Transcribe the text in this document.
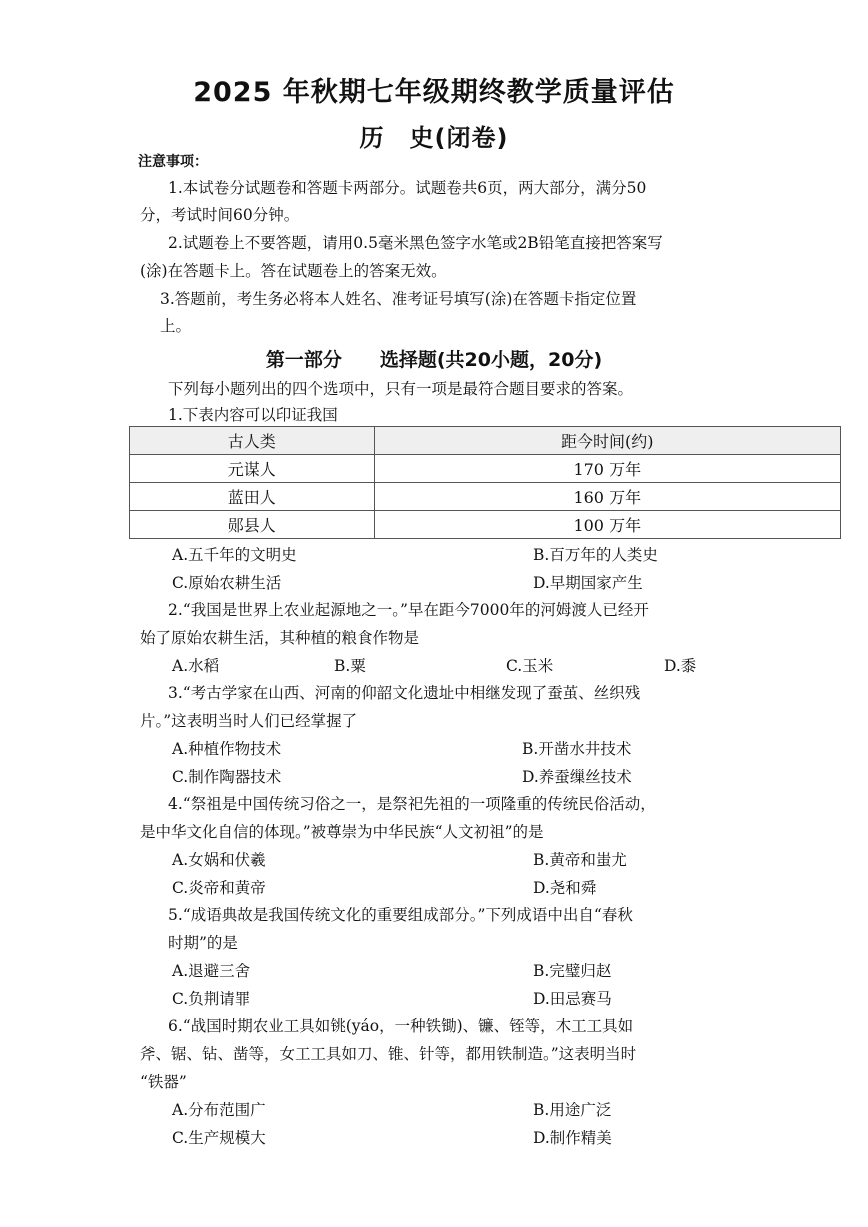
2025 年秋期七年级期终教学质量评估
历　史(闭卷)
注意事项：
1.本试卷分试题卷和答题卡两部分。试题卷共6页，两大部分，满分50
分，考试时间60分钟。
2.试题卷上不要答题，请用0.5毫米黑色签字水笔或2B铅笔直接把答案写
(涂)在答题卡上。答在试题卷上的答案无效。
3.答题前，考生务必将本人姓名、准考证号填写(涂)在答题卡指定位置
上。
第一部分　　选择题(共20小题，20分)
下列每小题列出的四个选项中，只有一项是最符合题目要求的答案。
1.下表内容可以印证我国
古人类	距今时间(约)
元谋人	170 万年
蓝田人	160 万年
郧县人	100 万年
A.五千年的文明史	B.百万年的人类史
C.原始农耕生活	D.早期国家产生
2.“我国是世界上农业起源地之一。”早在距今7000年的河姆渡人已经开
始了原始农耕生活，其种植的粮食作物是
A.水稻	B.粟	C.玉米	D.黍
3.“考古学家在山西、河南的仰韶文化遗址中相继发现了蚕茧、丝织残
片。”这表明当时人们已经掌握了
A.种植作物技术	B.开凿水井技术
C.制作陶器技术	D.养蚕缫丝技术
4.“祭祖是中国传统习俗之一，是祭祀先祖的一项隆重的传统民俗活动，
是中华文化自信的体现。”被尊崇为中华民族“人文初祖”的是
A.女娲和伏羲	B.黄帝和蚩尤
C.炎帝和黄帝	D.尧和舜
5.“成语典故是我国传统文化的重要组成部分。”下列成语中出自“春秋
时期”的是
A.退避三舍	B.完璧归赵
C.负荆请罪	D.田忌赛马
6.“战国时期农业工具如铫(yáo，一种铁锄)、镰、铚等，木工工具如
斧、锯、钻、凿等，女工工具如刀、锥、针等，都用铁制造。”这表明当时
“铁器”
A.分布范围广	B.用途广泛
C.生产规模大	D.制作精美
